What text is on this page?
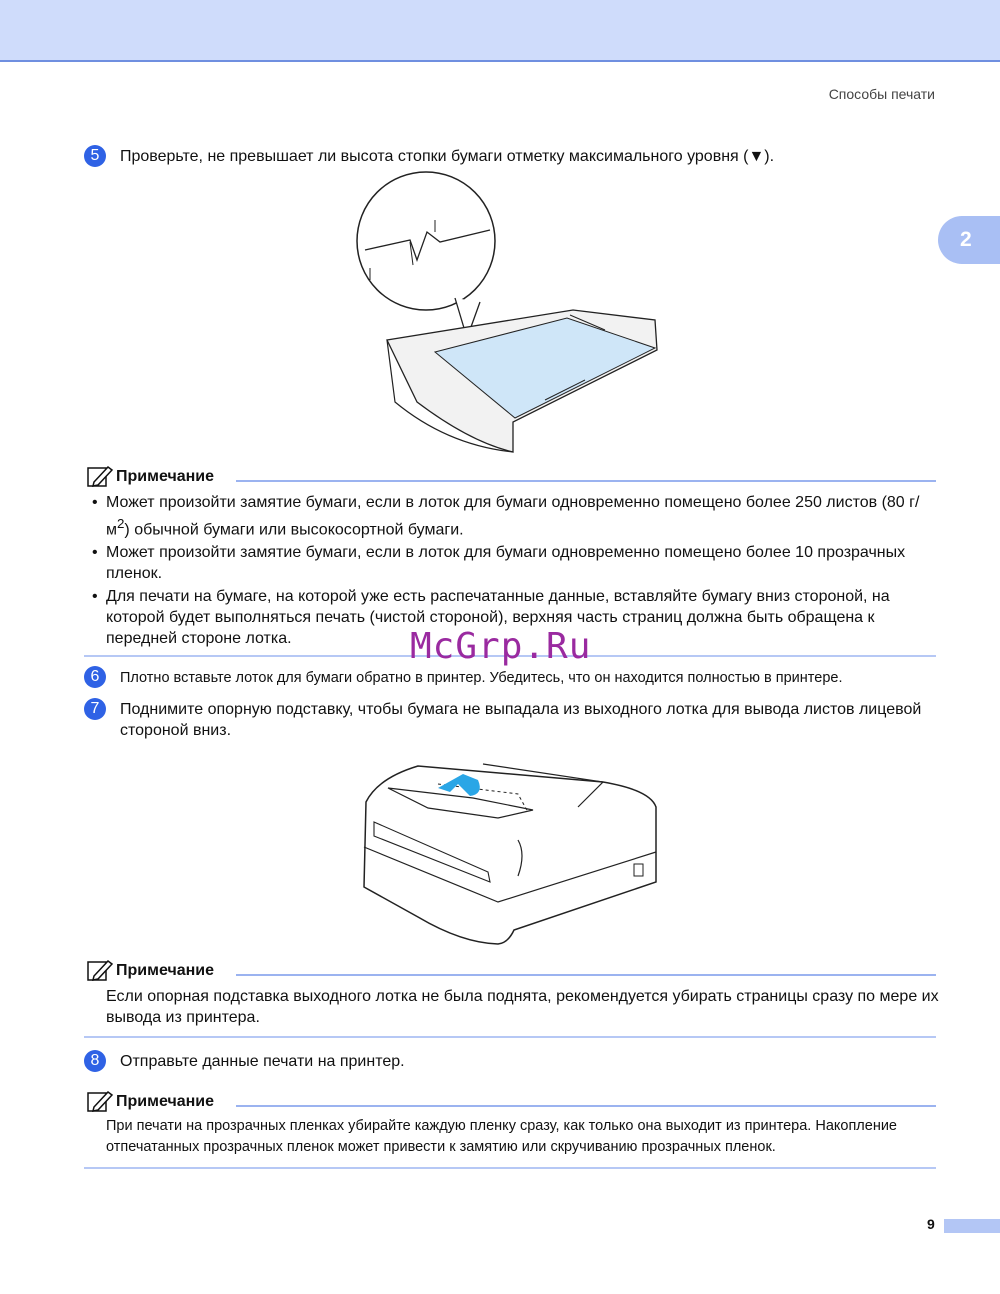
Способы печати
2
5	Проверьте, не превышает ли высота стопки бумаги отметку максимального уровня (▼).
Примечание
• Может произойти замятие бумаги, если в лоток для бумаги одновременно помещено более 250 листов (80 $г/м^2$) обычной бумаги или высокосортной бумаги.
• Может произойти замятие бумаги, если в лоток для бумаги одновременно помещено более 10 прозрачных пленок.
• Для печати на бумаге, на которой уже есть распечатанные данные, вставляйте бумагу вниз стороной, на которой будет выполняться печать (чистой стороной), верхняя часть страниц должна быть обращена к передней стороне лотка.	McGrp.Ru
6	Плотно вставьте лоток для бумаги обратно в принтер. Убедитесь, что он находится полностью в принтере.
7	Поднимите опорную подставку, чтобы бумага не выпадала из выходного лотка для вывода листов лицевой стороной вниз.
Примечание
Если опорная подставка выходного лотка не была поднята, рекомендуется убирать страницы сразу по мере их вывода из принтера.
8	Отправьте данные печати на принтер.
Примечание
При печати на прозрачных пленках убирайте каждую пленку сразу, как только она выходит из принтера. Накопление отпечатанных прозрачных пленок может привести к замятию или скручиванию прозрачных пленок.
9
